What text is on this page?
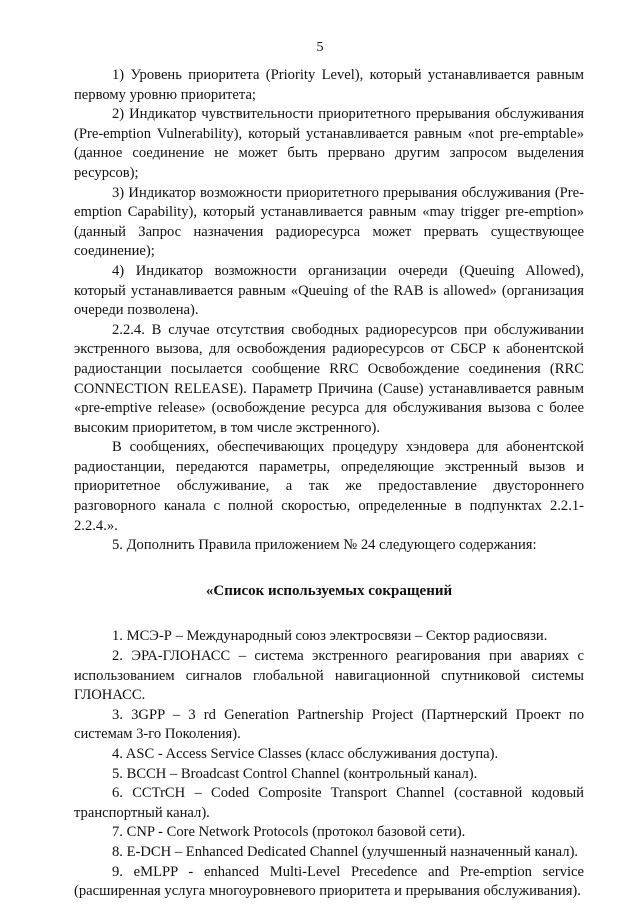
5

1) Уровень приоритета (Priority Level), который устанавливается равным первому уровню приоритета;

2) Индикатор чувствительности приоритетного прерывания обслуживания (Pre-emption Vulnerability), который устанавливается равным «not pre-emptable» (данное соединение не может быть прервано другим запросом выделения ресурсов);

3) Индикатор возможности приоритетного прерывания обслуживания (Pre-emption Capability), который устанавливается равным «may trigger pre-emption» (данный Запрос назначения радиоресурса может прервать существующее соединение);

4) Индикатор возможности организации очереди (Queuing Allowed), который устанавливается равным «Queuing of the RAB is allowed» (организация очереди позволена).

2.2.4. В случае отсутствия свободных радиоресурсов при обслуживании экстренного вызова, для освобождения радиоресурсов от СБСР к абонентской радиостанции посылается сообщение RRC Освобождение соединения (RRC CONNECTION RELEASE). Параметр Причина (Cause) устанавливается равным «pre-emptive release» (освобождение ресурса для обслуживания вызова с более высоким приоритетом, в том числе экстренного).

В сообщениях, обеспечивающих процедуру хэндовера для абонентской радиостанции, передаются параметры, определяющие экстренный вызов и приоритетное обслуживание, а так же предоставление двустороннего разговорного канала с полной скоростью, определенные в подпунктах 2.2.1- 2.2.4.».

5. Дополнить Правила приложением № 24 следующего содержания:

«Список используемых сокращений

1. МСЭ-Р – Международный союз электросвязи – Сектор радиосвязи.

2. ЭРА-ГЛОНАСС – система экстренного реагирования при авариях с использованием сигналов глобальной навигационной спутниковой системы ГЛОНАСС.

3. 3GPP – 3 rd Generation Partnership Project (Партнерский Проект по системам 3-го Поколения).

4. ASC - Access Service Classes (класс обслуживания доступа).

5. BCCH – Broadcast Control Channel (контрольный канал).

6. CCTrCH – Coded Composite Transport Channel (составной кодовый транспортный канал).

7. CNP - Core Network Protocols (протокол базовой сети).

8. E-DCH – Enhanced Dedicated Channel (улучшенный назначенный канал).

9. eMLPP - enhanced Multi-Level Precedence and Pre-emption service (расширенная услуга многоуровневого приоритета и прерывания обслуживания).
